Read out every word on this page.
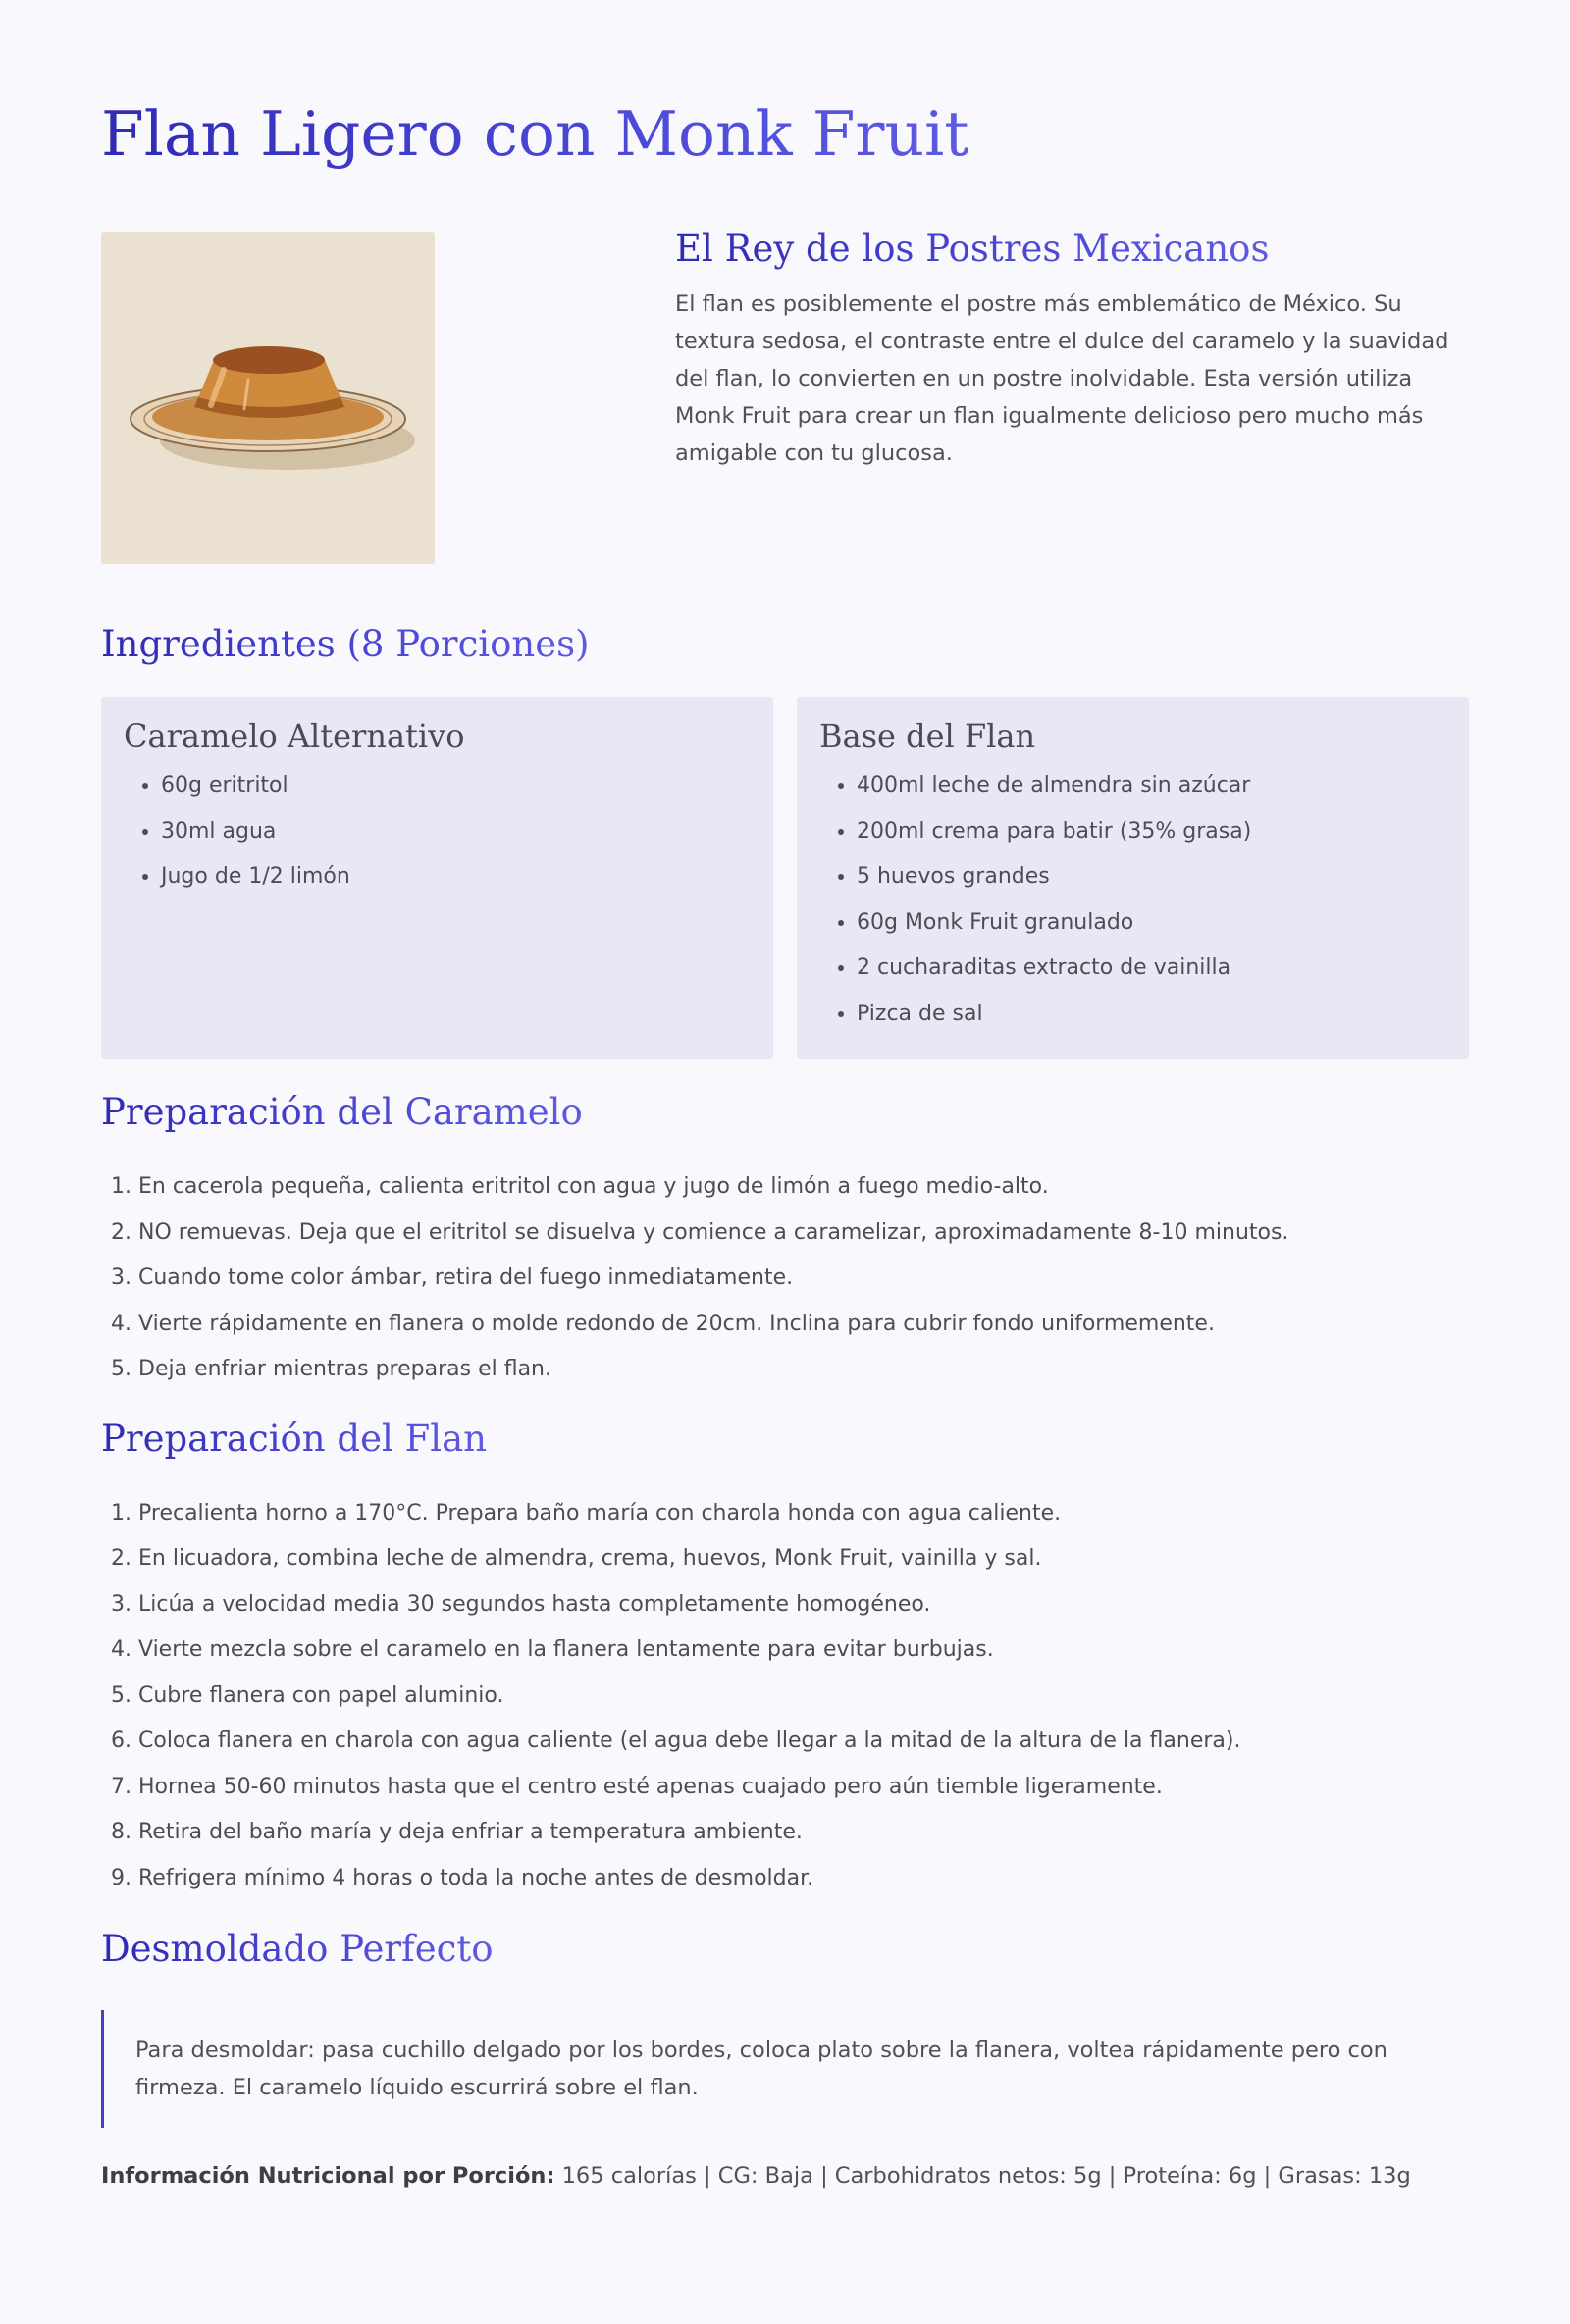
Flan Ligero con Monk Fruit
El Rey de los Postres Mexicanos

El flan es posiblemente el postre más emblemático de México. Su textura sedosa, el contraste entre el dulce del caramelo y la suavidad del flan, lo convierten en un postre inolvidable. Esta versión utiliza Monk Fruit para crear un flan igualmente delicioso pero mucho más amigable con tu glucosa.

Ingredientes (8 Porciones)
Caramelo Alternativo
• 60g eritritol
• 30ml agua
• Jugo de 1/2 limón
Base del Flan
• 400ml leche de almendra sin azúcar
• 200ml crema para batir (35% grasa)
• 5 huevos grandes
• 60g Monk Fruit granulado
• 2 cucharaditas extracto de vainilla
• Pizca de sal
Preparación del Caramelo
1. En cacerola pequeña, calienta eritritol con agua y jugo de limón a fuego medio-alto.
2. NO remuevas. Deja que el eritritol se disuelva y comience a caramelizar, aproximadamente 8-10 minutos.
3. Cuando tome color ámbar, retira del fuego inmediatamente.
4. Vierte rápidamente en flanera o molde redondo de 20cm. Inclina para cubrir fondo uniformemente.
5. Deja enfriar mientras preparas el flan.
Preparación del Flan
1. Precalienta horno a 170°C. Prepara baño maría con charola honda con agua caliente.
2. En licuadora, combina leche de almendra, crema, huevos, Monk Fruit, vainilla y sal.
3. Licúa a velocidad media 30 segundos hasta completamente homogéneo.
4. Vierte mezcla sobre el caramelo en la flanera lentamente para evitar burbujas.
5. Cubre flanera con papel aluminio.
6. Coloca flanera en charola con agua caliente (el agua debe llegar a la mitad de la altura de la flanera).
7. Hornea 50-60 minutos hasta que el centro esté apenas cuajado pero aún tiemble ligeramente.
8. Retira del baño maría y deja enfriar a temperatura ambiente.
9. Refrigera mínimo 4 horas o toda la noche antes de desmoldar.
Desmoldado Perfecto
Para desmoldar: pasa cuchillo delgado por los bordes, coloca plato sobre la flanera, voltea rápidamente pero con firmeza. El caramelo líquido escurrirá sobre el flan.
Información Nutricional por Porción: 165 calorías | CG: Baja | Carbohidratos netos: 5g | Proteína: 6g | Grasas: 13g
